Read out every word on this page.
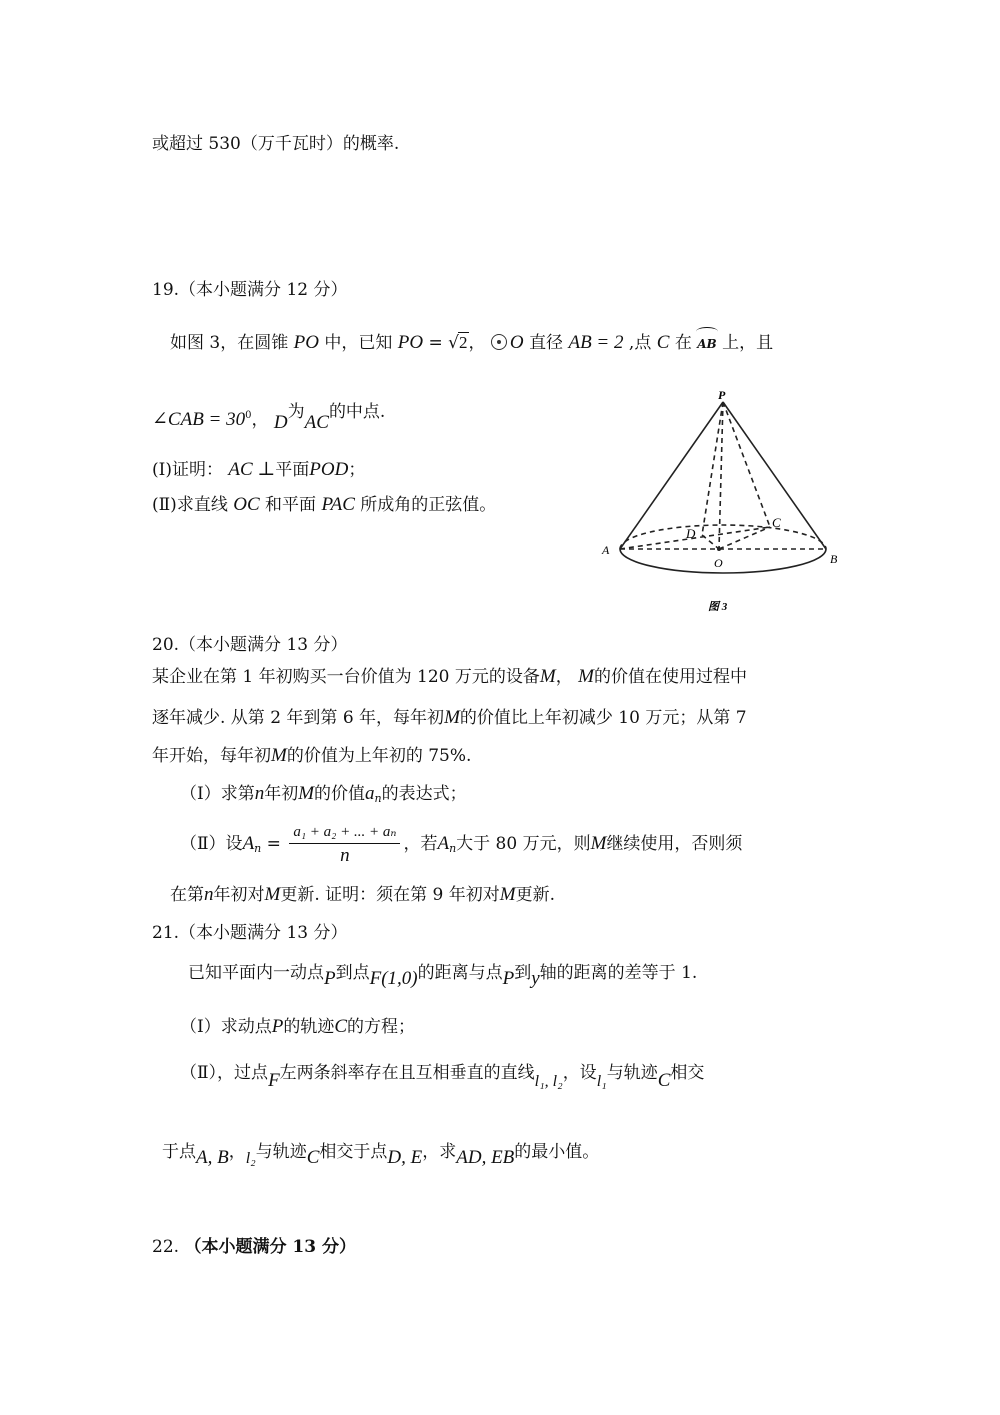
或超过 530（万千瓦时）的概率.
19.（本小题满分 12 分）
如图 3，在圆锥 PO 中，已知 PO = √2， O 直径 AB = 2 ,点 C 在 AB 上，且
∠CAB = $30^0$， D为AC的中点.
(Ⅰ)证明： AC ⊥平面POD；
(Ⅱ)求直线 OC 和平面 PAC 所成角的正弦值。
P
A
B
C
D
O
图 3
20.（本小题满分 13 分）
某企业在第 1 年初购买一台价值为 120 万元的设备M， M的价值在使用过程中
逐年减少. 从第 2 年到第 6 年，每年初M的价值比上年初减少 10 万元；从第 7
年开始，每年初M的价值为上年初的 75%.
（Ⅰ）求第n年初M的价值an的表达式；
（Ⅱ）设$An = \frac{\text{a₁ + a₂ + ... + aₙ}}{n}$ ，若An大于 80 万元，则M继续使用，否则须
在第n年初对M更新. 证明：须在第 9 年初对M更新.
21.（本小题满分 13 分）
已知平面内一动点P到点F(1,0)的距离与点P到y轴的距离的差等于 1.
（Ⅰ）求动点P的轨迹C的方程；
（Ⅱ），过点F左两条斜率存在且互相垂直的直线l₁, l₂，设l₁与轨迹C相交
于点A, B，l₂与轨迹C相交于点D, E，求AD, EB的最小值。
22. （本小题满分 13 分）
